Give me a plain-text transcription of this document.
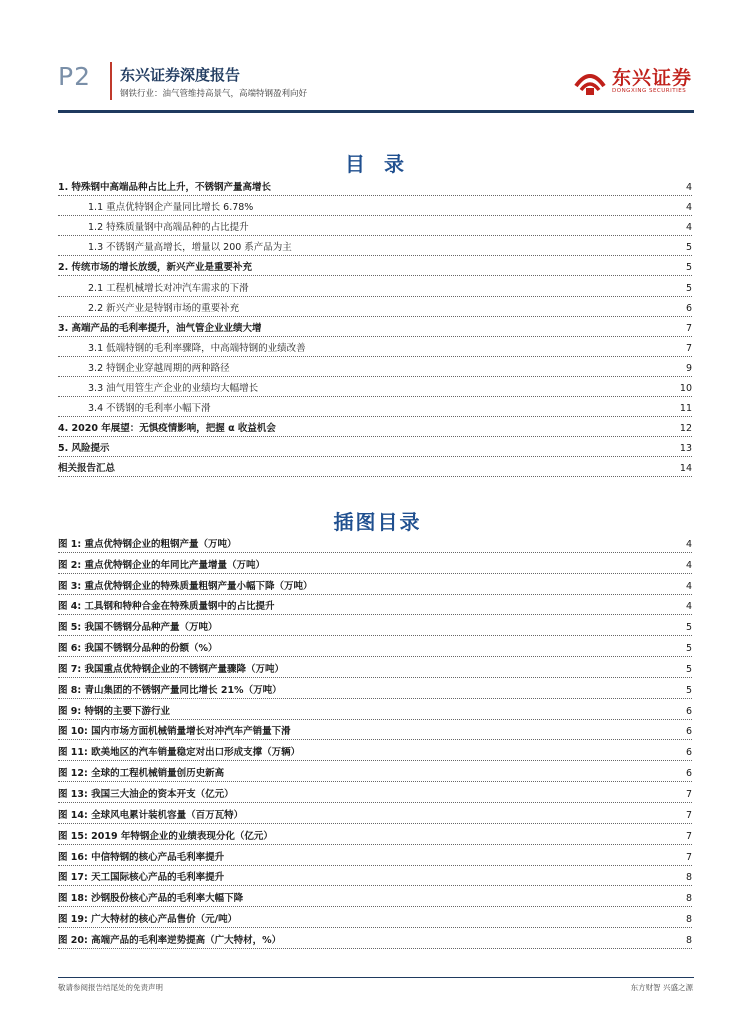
P2 东兴证券深度报告
钢铁行业：油气管维持高景气，高端特钢盈利向好
东兴证券
DONGXING SECURITIES
目 录
1. 特殊钢中高端品种占比上升，不锈钢产量高增长	4
1.1 重点优特钢企产量同比增长 6.78%	4
1.2 特殊质量钢中高端品种的占比提升	4
1.3 不锈钢产量高增长，增量以 200 系产品为主	5
2. 传统市场的增长放缓，新兴产业是重要补充	5
2.1 工程机械增长对冲汽车需求的下滑	5
2.2 新兴产业是特钢市场的重要补充	6
3. 高端产品的毛利率提升，油气管企业业绩大增	7
3.1 低端特钢的毛利率骤降，中高端特钢的业绩改善	7
3.2 特钢企业穿越周期的两种路径	9
3.3 油气用管生产企业的业绩均大幅增长	10
3.4 不锈钢的毛利率小幅下滑	11
4. 2020 年展望：无惧疫情影响，把握 α 收益机会	12
5. 风险提示	13
相关报告汇总	14
插图目录
图 1: 重点优特钢企业的粗钢产量（万吨）	4
图 2: 重点优特钢企业的年同比产量增量（万吨）	4
图 3: 重点优特钢企业的特殊质量粗钢产量小幅下降（万吨）	4
图 4: 工具钢和特种合金在特殊质量钢中的占比提升	4
图 5: 我国不锈钢分品种产量（万吨）	5
图 6: 我国不锈钢分品种的份额（%）	5
图 7: 我国重点优特钢企业的不锈钢产量骤降（万吨）	5
图 8: 青山集团的不锈钢产量同比增长 21%（万吨）	5
图 9: 特钢的主要下游行业	6
图 10: 国内市场方面机械销量增长对冲汽车产销量下滑	6
图 11: 欧美地区的汽车销量稳定对出口形成支撑（万辆）	6
图 12: 全球的工程机械销量创历史新高	6
图 13: 我国三大油企的资本开支（亿元）	7
图 14: 全球风电累计装机容量（百万瓦特）	7
图 15: 2019 年特钢企业的业绩表现分化（亿元）	7
图 16: 中信特钢的核心产品毛利率提升	7
图 17: 天工国际核心产品的毛利率提升	8
图 18: 沙钢股份核心产品的毛利率大幅下降	8
图 19: 广大特材的核心产品售价（元/吨）	8
图 20: 高端产品的毛利率逆势提高（广大特材，%）	8
敬请参阅报告结尾处的免责声明	东方财智 兴盛之源
